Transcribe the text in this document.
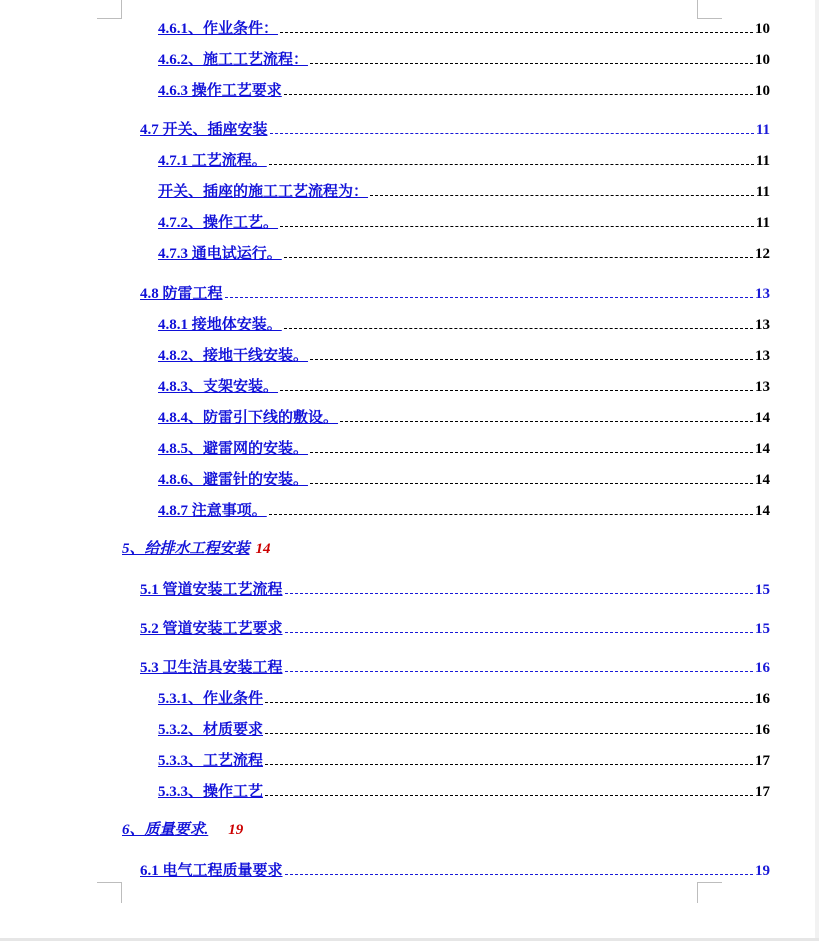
4.6.1、作业条件：	10
4.6.2、施工工艺流程：	10
4.6.3 操作工艺要求	10
4.7 开关、插座安装	11
4.7.1 工艺流程。	11
开关、插座的施工工艺流程为：	11
4.7.2、操作工艺。	11
4.7.3 通电试运行。	12
4.8 防雷工程	13
4.8.1 接地体安装。	13
4.8.2、接地干线安装。	13
4.8.3、支架安装。	13
4.8.4、防雷引下线的敷设。	14
4.8.5、避雷网的安装。	14
4.8.6、避雷针的安装。	14
4.8.7 注意事项。	14
5、给排水工程安装 14
5.1 管道安装工艺流程	15
5.2 管道安装工艺要求	15
5.3 卫生洁具安装工程	16
5.3.1、作业条件	16
5.3.2、材质要求	16
5.3.3、工艺流程	17
5.3.3、操作工艺	17
6、质量要求. 19
6.1 电气工程质量要求	19
